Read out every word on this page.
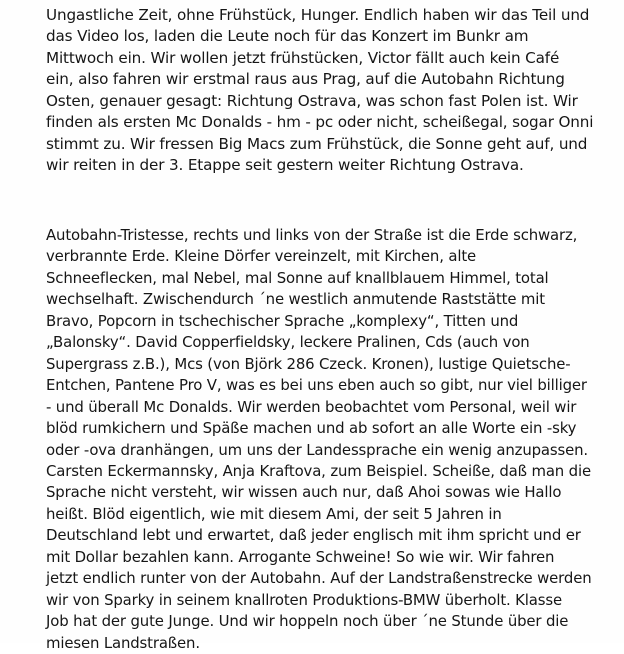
Ungastliche Zeit, ohne Frühstück, Hunger. Endlich haben wir das Teil und
das Video los, laden die Leute noch für das Konzert im Bunkr am
Mittwoch ein. Wir wollen jetzt frühstücken, Victor fällt auch kein Café
ein, also fahren wir erstmal raus aus Prag, auf die Autobahn Richtung
Osten, genauer gesagt: Richtung Ostrava, was schon fast Polen ist. Wir
finden als ersten Mc Donalds - hm - pc oder nicht, scheißegal, sogar Onni
stimmt zu. Wir fressen Big Macs zum Frühstück, die Sonne geht auf, und
wir reiten in der 3. Etappe seit gestern weiter Richtung Ostrava.

Autobahn-Tristesse, rechts und links von der Straße ist die Erde schwarz,
verbrannte Erde. Kleine Dörfer vereinzelt, mit Kirchen, alte
Schneeflecken, mal Nebel, mal Sonne auf knallblauem Himmel, total
wechselhaft. Zwischendurch ´ne westlich anmutende Raststätte mit
Bravo, Popcorn in tschechischer Sprache „komplexy“, Titten und
„Balonsky“. David Copperfieldsky, leckere Pralinen, Cds (auch von
Supergrass z.B.), Mcs (von Björk 286 Czeck. Kronen), lustige Quietsche-
Entchen, Pantene Pro V, was es bei uns eben auch so gibt, nur viel billiger
- und überall Mc Donalds. Wir werden beobachtet vom Personal, weil wir
blöd rumkichern und Späße machen und ab sofort an alle Worte ein -sky
oder -ova dranhängen, um uns der Landessprache ein wenig anzupassen.
Carsten Eckermannsky, Anja Kraftova, zum Beispiel. Scheiße, daß man die
Sprache nicht versteht, wir wissen auch nur, daß Ahoi sowas wie Hallo
heißt. Blöd eigentlich, wie mit diesem Ami, der seit 5 Jahren in
Deutschland lebt und erwartet, daß jeder englisch mit ihm spricht und er
mit Dollar bezahlen kann. Arrogante Schweine! So wie wir. Wir fahren
jetzt endlich runter von der Autobahn. Auf der Landstraßenstrecke werden
wir von Sparky in seinem knallroten Produktions-BMW überholt. Klasse
Job hat der gute Junge. Und wir hoppeln noch über ´ne Stunde über die
miesen Landstraßen.
